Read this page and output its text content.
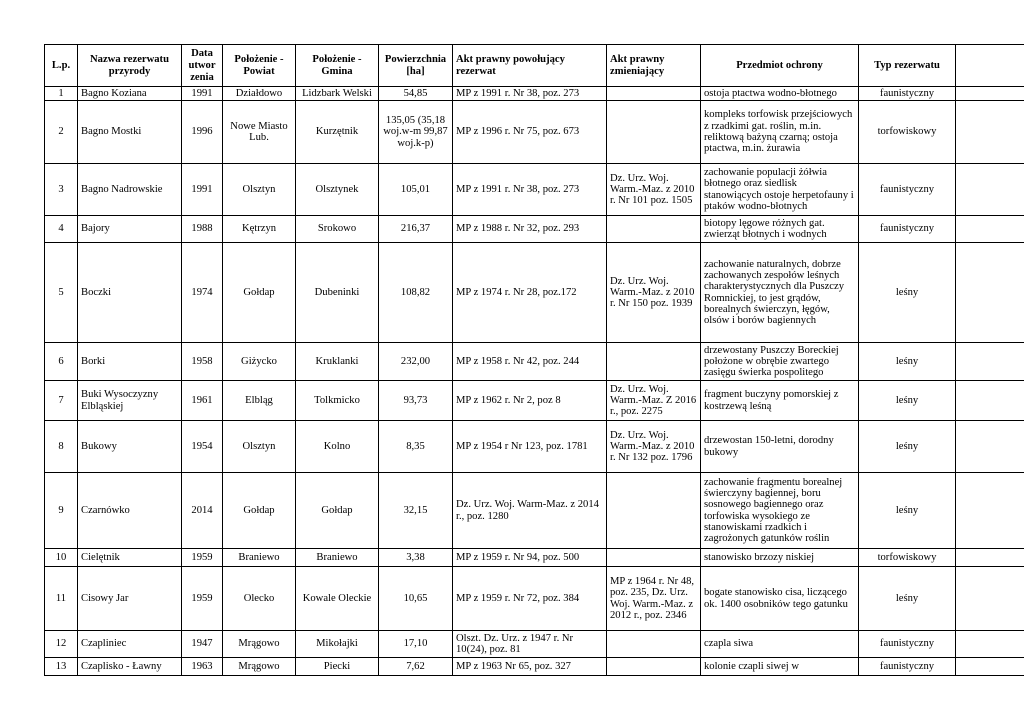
L.p.	Nazwa rezerwatu przyrody	Data utwor zenia	Położenie - Powiat	Położenie - Gmina	Powierzchnia [ha]	Akt prawny powołujący rezerwat	Akt prawny zmieniający	Przedmiot ochrony	Typ rezerwatu	
1	Bagno Koziana	1991	Działdowo	Lidzbark Welski	54,85	MP z 1991 r. Nr 38, poz. 273		ostoja ptactwa wodno-błotnego	faunistyczny	
2	Bagno Mostki	1996	Nowe Miasto Lub.	Kurzętnik	135,05 (35,18 woj.w-m 99,87 woj.k-p)	MP z 1996 r. Nr 75, poz. 673		kompleks torfowisk przejściowych z rzadkimi gat. roślin, m.in. reliktową bażyną czarną; ostoja ptactwa, m.in. żurawia	torfowiskowy	
3	Bagno Nadrowskie	1991	Olsztyn	Olsztynek	105,01	MP z 1991 r. Nr 38, poz. 273	Dz. Urz. Woj. Warm.-Maz. z 2010 r. Nr 101 poz. 1505	zachowanie populacji żółwia błotnego oraz siedlisk stanowiących ostoje herpetofauny i ptaków wodno-błotnych	faunistyczny	
4	Bajory	1988	Kętrzyn	Srokowo	216,37	MP z 1988 r. Nr 32, poz. 293		biotopy lęgowe różnych gat. zwierząt błotnych i wodnych	faunistyczny	
5	Boczki	1974	Gołdap	Dubeninki	108,82	MP z 1974 r. Nr 28, poz.172	Dz. Urz. Woj. Warm.-Maz. z 2010 r. Nr 150 poz. 1939	zachowanie naturalnych, dobrze zachowanych zespołów leśnych charakterystycznych dla Puszczy Romnickiej, to jest grądów, borealnych świerczyn, łęgów, olsów i borów bagiennych	leśny	
6	Borki	1958	Giżycko	Kruklanki	232,00	MP z 1958 r. Nr 42, poz. 244		drzewostany Puszczy Boreckiej położone w obrębie zwartego zasięgu świerka pospolitego	leśny	
7	Buki Wysoczyzny Elbląskiej	1961	Elbląg	Tolkmicko	93,73	MP z 1962 r. Nr 2, poz 8	Dz. Urz. Woj. Warm.-Maz. Z 2016 r., poz. 2275	fragment buczyny pomorskiej z kostrzewą leśną	leśny	
8	Bukowy	1954	Olsztyn	Kolno	8,35	MP z 1954 r Nr 123, poz. 1781	Dz. Urz. Woj. Warm.-Maz. z 2010 r. Nr 132 poz. 1796	drzewostan 150-letni, dorodny bukowy	leśny	
9	Czarnówko	2014	Gołdap	Gołdap	32,15	Dz. Urz. Woj. Warm-Maz. z 2014 r., poz. 1280		zachowanie fragmentu borealnej świerczyny bagiennej, boru sosnowego bagiennego oraz torfowiska wysokiego ze stanowiskami rzadkich i zagrożonych gatunków roślin	leśny	
10	Cielętnik	1959	Braniewo	Braniewo	3,38	MP z 1959 r. Nr 94, poz. 500		stanowisko brzozy niskiej	torfowiskowy	
11	Cisowy Jar	1959	Olecko	Kowale Oleckie	10,65	MP z 1959 r. Nr 72, poz. 384	MP z 1964 r. Nr 48, poz. 235, Dz. Urz. Woj. Warm.-Maz. z 2012 r., poz. 2346	bogate stanowisko cisa, liczącego ok. 1400 osobników tego gatunku	leśny	
12	Czapliniec	1947	Mrągowo	Mikołajki	17,10	Olszt. Dz. Urz. z 1947 r. Nr 10(24), poz. 81		czapla siwa	faunistyczny	
13	Czaplisko - Ławny	1963	Mrągowo	Piecki	7,62	MP z 1963 Nr 65, poz. 327		kolonie czapli siwej w	faunistyczny	
